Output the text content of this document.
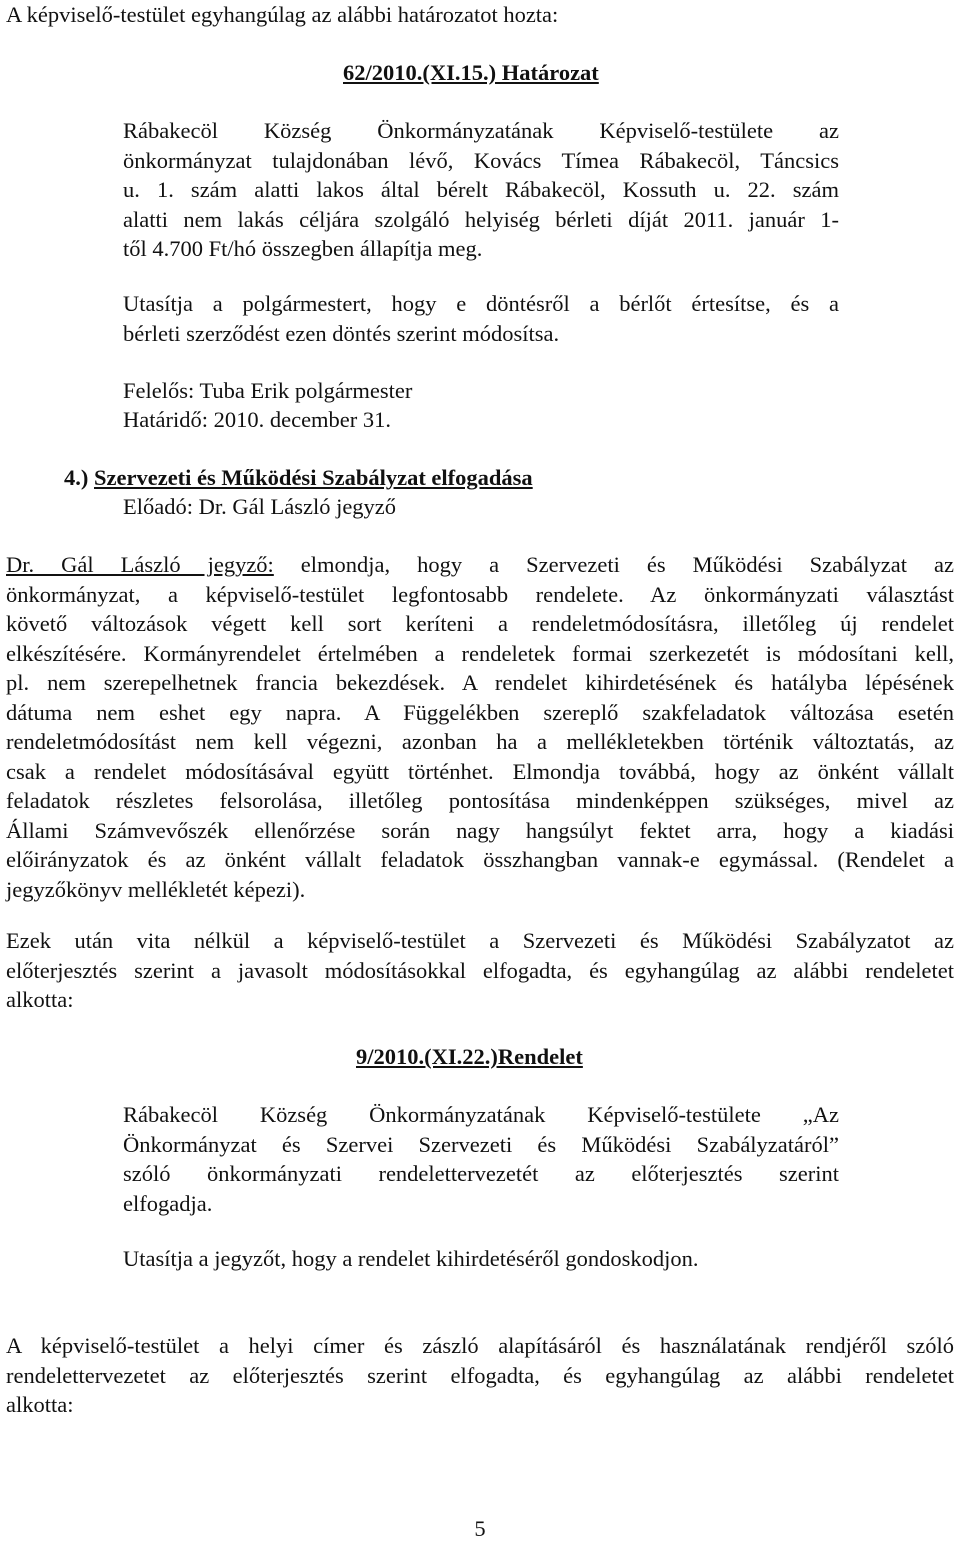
A képviselő-testület egyhangúlag az alábbi határozatot hozta:

62/2010.(XI.15.) Határozat

Rábakecöl Község Önkormányzatának Képviselő-testülete az
önkormányzat tulajdonában lévő, Kovács Tímea Rábakecöl, Táncsics
u. 1. szám alatti lakos által bérelt Rábakecöl, Kossuth u. 22. szám
alatti nem lakás céljára szolgáló helyiség bérleti díját 2011. január 1-
től 4.700 Ft/hó összegben állapítja meg.
Utasítja a polgármestert, hogy e döntésről a bérlőt értesítse, és a
bérleti szerződést ezen döntés szerint módosítsa.

Felelős: Tuba Erik polgármester

Határidő: 2010. december 31.

4.) Szervezeti és Működési Szabályzat elfogadása

Előadó: Dr. Gál László jegyző

Dr. Gál László jegyző: elmondja, hogy a Szervezeti és Működési Szabályzat az
önkormányzat, a képviselő-testület legfontosabb rendelete. Az önkormányzati választást
követő változások végett kell sort keríteni a rendeletmódosításra, illetőleg új rendelet
elkészítésére. Kormányrendelet értelmében a rendeletek formai szerkezetét is módosítani kell,
pl. nem szerepelhetnek francia bekezdések. A rendelet kihirdetésének és hatályba lépésének
dátuma nem eshet egy napra. A Függelékben szereplő szakfeladatok változása esetén
rendeletmódosítást nem kell végezni, azonban ha a mellékletekben történik változtatás, az
csak a rendelet módosításával együtt történhet. Elmondja továbbá, hogy az önként vállalt
feladatok részletes felsorolása, illetőleg pontosítása mindenképpen szükséges, mivel az
Állami Számvevőszék ellenőrzése során nagy hangsúlyt fektet arra, hogy a kiadási
előirányzatok és az önként vállalt feladatok összhangban vannak-e egymással. (Rendelet a
jegyzőkönyv mellékletét képezi).
Ezek után vita nélkül a képviselő-testület a Szervezeti és Működési Szabályzatot az
előterjesztés szerint a javasolt módosításokkal elfogadta, és egyhangúlag az alábbi rendeletet
alkotta:

9/2010.(XI.22.)Rendelet

Rábakecöl Község Önkormányzatának Képviselő-testülete „Az
Önkormányzat és Szervei Szervezeti és Működési Szabályzatáról”
szóló önkormányzati rendelettervezetét az előterjesztés szerint
elfogadja.

Utasítja a jegyzőt, hogy a rendelet kihirdetéséről gondoskodjon.

A képviselő-testület a helyi címer és zászló alapításáról és használatának rendjéről szóló
rendelettervezetet az előterjesztés szerint elfogadta, és egyhangúlag az alábbi rendeletet
alkotta:
5
